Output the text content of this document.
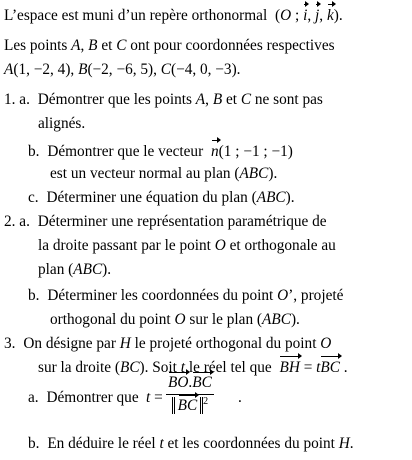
L’espace est muni d’un repère orthonormal (O ; i, j, k).
Les points A, B et C ont pour coordonnées respectives
A(1, −2, 4), B(−2, −6, 5), C(−4, 0, −3).
1. a. Démontrer que les points A, B et C ne sont pas
alignés.
b. Démontrer que le vecteur n(1 ; −1 ; −1)
est un vecteur normal au plan (ABC).
c. Déterminer une équation du plan (ABC).
2. a. Déterminer une représentation paramétrique de
la droite passant par le point O et orthogonale au
plan (ABC).
b. Déterminer les coordonnées du point O’, projeté
orthogonal du point O sur le plan (ABC).
3. On désigne par H le projeté orthogonal du point O
sur la droite (BC). Soit t le réel tel que BH = tBC .
a. Démontrer que $t = \frac{BO.BC}{BC ^2}$ .
b. En déduire le réel t et les coordonnées du point H.
